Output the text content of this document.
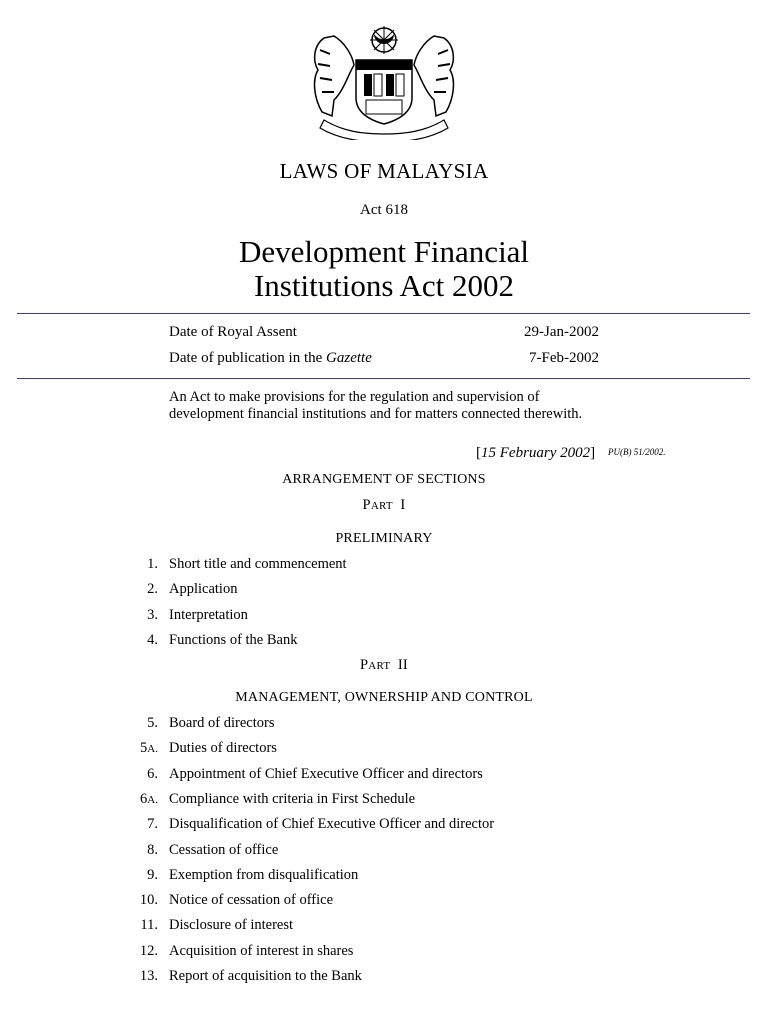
LAWS OF MALAYSIA
Act 618
Development Financial
Institutions Act 2002
Date of Royal Assent	29-Jan-2002
Date of publication in the Gazette	7-Feb-2002
An Act to make provisions for the regulation and supervision of development financial institutions and for matters connected therewith.
[15 February 2002] PU(B) 51/2002.
ARRANGEMENT OF SECTIONS
PART  I
PRELIMINARY
1. Short title and commencement
2. Application
3. Interpretation
4. Functions of the Bank
PART  II
MANAGEMENT, OWNERSHIP AND CONTROL
5. Board of directors
5A. Duties of directors
6. Appointment of Chief Executive Officer and directors
6A. Compliance with criteria in First Schedule
7. Disqualification of Chief Executive Officer and director
8. Cessation of office
9. Exemption from disqualification
10. Notice of cessation of office
11. Disclosure of interest
12. Acquisition of interest in shares
13. Report of acquisition to the Bank
